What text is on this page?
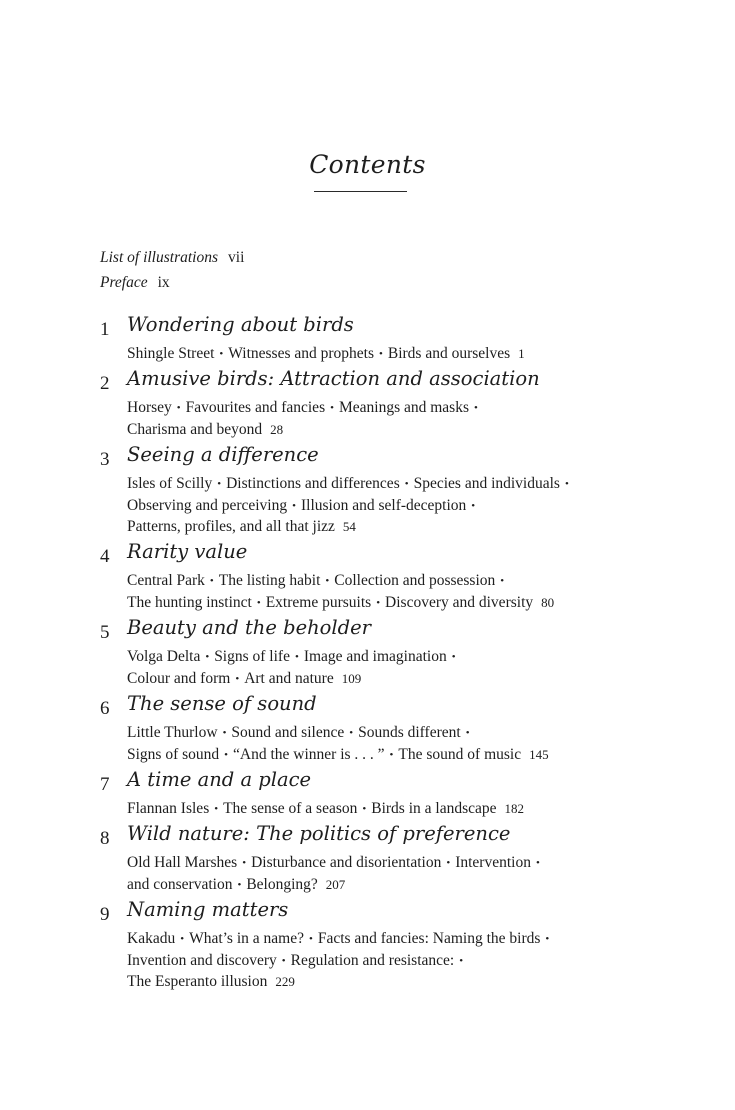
Contents
List of illustrations vii
Preface ix
1 Wondering about birds
Shingle Street • Witnesses and prophets • Birds and ourselves 1
2 Amusive birds: Attraction and association
Horsey • Favourites and fancies • Meanings and masks •
Charisma and beyond 28
3 Seeing a difference
Isles of Scilly • Distinctions and differences • Species and individuals •
Observing and perceiving • Illusion and self-deception •
Patterns, profiles, and all that jizz 54
4 Rarity value
Central Park • The listing habit • Collection and possession •
The hunting instinct • Extreme pursuits • Discovery and diversity 80
5 Beauty and the beholder
Volga Delta • Signs of life • Image and imagination •
Colour and form • Art and nature 109
6 The sense of sound
Little Thurlow • Sound and silence • Sounds different •
Signs of sound • “And the winner is . . . ” • The sound of music 145
7 A time and a place
Flannan Isles • The sense of a season • Birds in a landscape 182
8 Wild nature: The politics of preference
Old Hall Marshes • Disturbance and disorientation • Intervention •
and conservation • Belonging? 207
9 Naming matters
Kakadu • What’s in a name? • Facts and fancies: Naming the birds •
Invention and discovery • Regulation and resistance: •
The Esperanto illusion 229
